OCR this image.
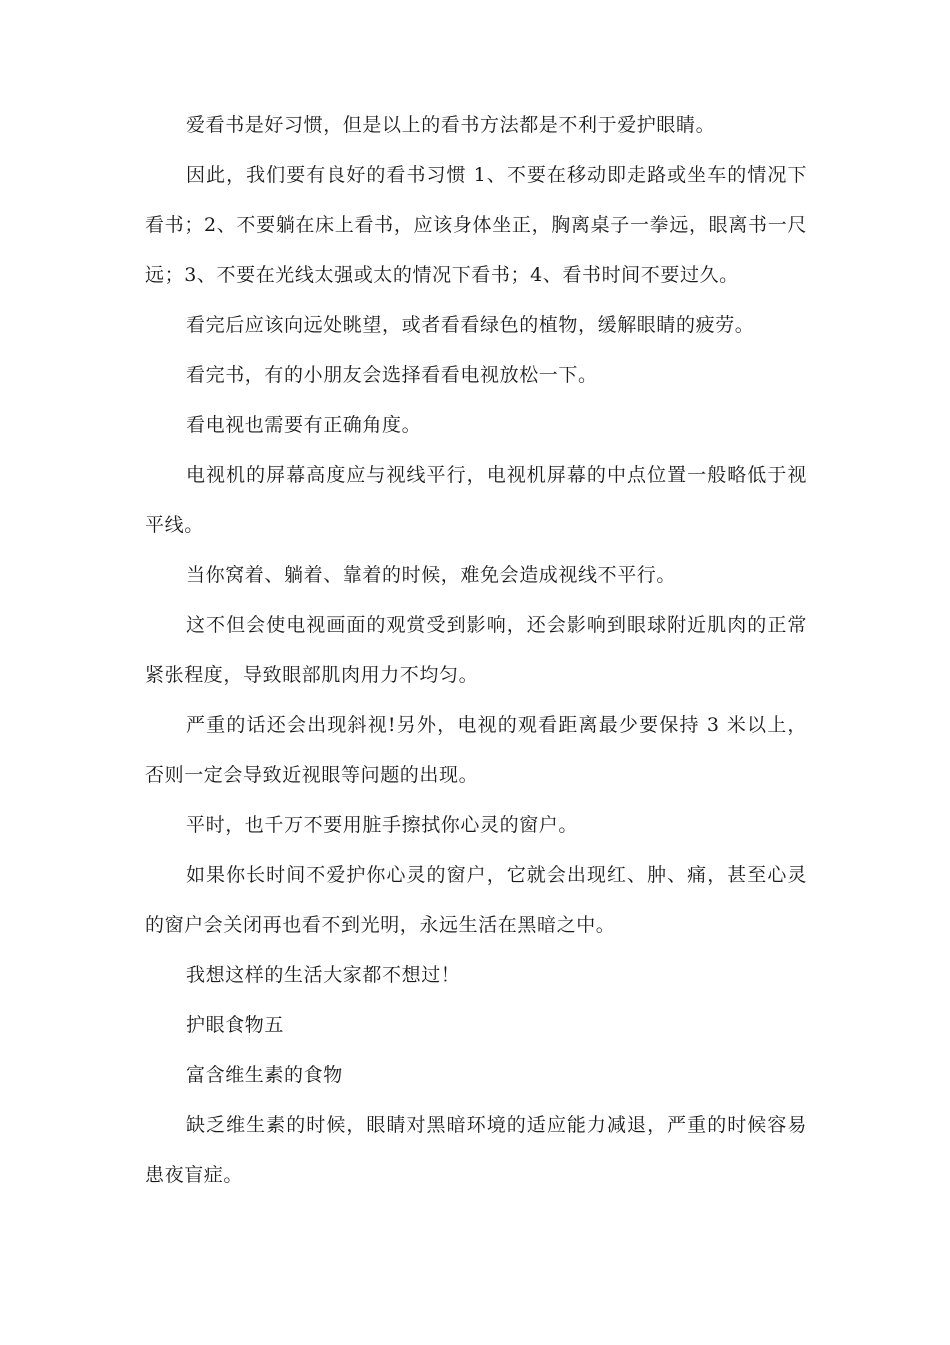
爱看书是好习惯，但是以上的看书方法都是不利于爱护眼睛。

因此，我们要有良好的看书习惯 1、不要在移动即走路或坐车的情况下看书；2、不要躺在床上看书，应该身体坐正，胸离桌子一拳远，眼离书一尺远；3、不要在光线太强或太的情况下看书；4、看书时间不要过久。

看完后应该向远处眺望，或者看看绿色的植物，缓解眼睛的疲劳。

看完书，有的小朋友会选择看看电视放松一下。

看电视也需要有正确角度。

电视机的屏幕高度应与视线平行，电视机屏幕的中点位置一般略低于视平线。

当你窝着、躺着、靠着的时候，难免会造成视线不平行。

这不但会使电视画面的观赏受到影响，还会影响到眼球附近肌肉的正常紧张程度，导致眼部肌肉用力不均匀。

严重的话还会出现斜视!另外，电视的观看距离最少要保持 3 米以上，否则一定会导致近视眼等问题的出现。

平时，也千万不要用脏手擦拭你心灵的窗户。

如果你长时间不爱护你心灵的窗户，它就会出现红、肿、痛，甚至心灵的窗户会关闭再也看不到光明，永远生活在黑暗之中。

我想这样的生活大家都不想过！

护眼食物五

富含维生素的食物

缺乏维生素的时候，眼睛对黑暗环境的适应能力减退，严重的时候容易患夜盲症。
